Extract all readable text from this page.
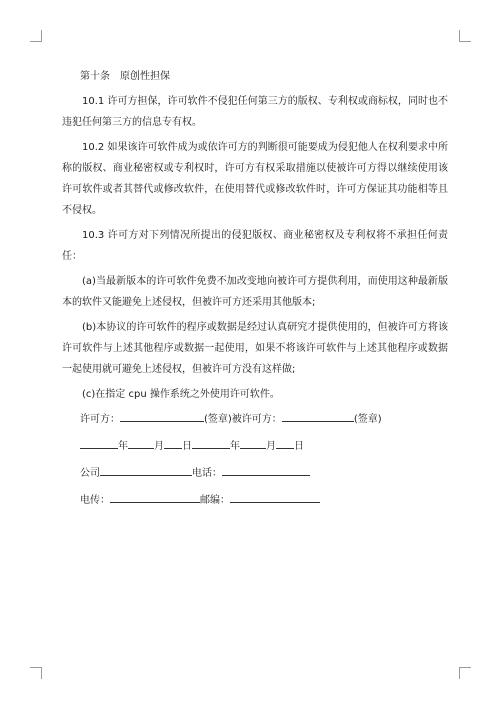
第十条　原创性担保

10.1 许可方担保，许可软件不侵犯任何第三方的版权、专利权或商标权，同时也不违犯任何第三方的信息专有权。

10.2 如果该许可软件成为或依许可方的判断很可能要成为侵犯他人在权利要求中所称的版权、商业秘密权或专利权时，许可方有权采取措施以使被许可方得以继续使用该许可软件或者其替代或修改软件，在使用替代或修改软件时，许可方保证其功能相等且不侵权。

10.3 许可方对下列情况所提出的侵犯版权、商业秘密权及专利权将不承担任何责任：

(a)当最新版本的许可软件免费不加改变地向被许可方提供利用，而使用这种最新版本的软件又能避免上述侵权，但被许可方还采用其他版本;

(b)本协议的许可软件的程序或数据是经过认真研究才提供使用的，但被许可方将该许可软件与上述其他程序或数据一起使用，如果不将该许可软件与上述其他程序或数据一起使用就可避免上述侵权，但被许可方没有这样做;

(c)在指定 cpu 操作系统之外使用许可软件。

许可方：	(签章)被许可方：	(签章)
年	月 日	年	月 日
公司	电话：
电传：	邮编：
